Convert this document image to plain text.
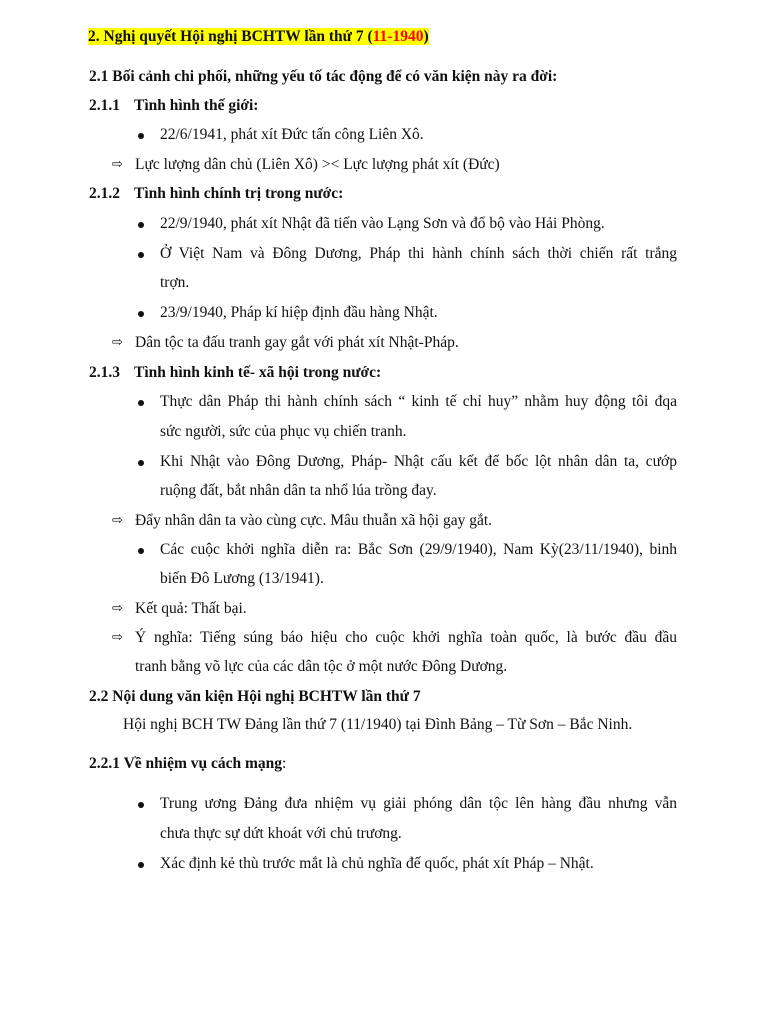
2. Nghị quyết Hội nghị BCHTW lần thứ 7 (11-1940)
2.1 Bối cảnh chi phối, những yếu tố tác động để có văn kiện này ra đời:
2.1.1 Tình hình thế giới:
22/6/1941, phát xít Đức tấn công Liên Xô.
⇨ Lực lượng dân chủ (Liên Xô) >< Lực lượng phát xít (Đức)
2.1.2 Tình hình chính trị trong nước:
22/9/1940, phát xít Nhật đã tiến vào Lạng Sơn và đổ bộ vào Hải Phòng.
Ở Việt Nam và Đông Dương, Pháp thi hành chính sách thời chiến rất trắng
trợn.
23/9/1940, Pháp kí hiệp định đầu hàng Nhật.
⇨ Dân tộc ta đấu tranh gay gắt với phát xít Nhật-Pháp.
2.1.3 Tình hình kinh tế- xã hội trong nước:
Thực dân Pháp thi hành chính sách “ kinh tế chỉ huy” nhằm huy động tôi đqa
sức người, sức của phục vụ chiến tranh.
Khi Nhật vào Đông Dương, Pháp- Nhật cấu kết để bốc lột nhân dân ta, cướp
ruộng đất, bắt nhân dân ta nhổ lúa trồng đay.
⇨ Đẩy nhân dân ta vào cùng cực. Mâu thuẫn xã hội gay gắt.
Các cuộc khởi nghĩa diễn ra: Bắc Sơn (29/9/1940), Nam Kỳ(23/11/1940), binh
biến Đô Lương (13/1941).
⇨ Kết quả: Thất bại.
⇨ Ý nghĩa: Tiếng súng báo hiệu cho cuộc khởi nghĩa toàn quốc, là bước đầu đầu
tranh bằng võ lực của các dân tộc ở một nước Đông Dương.
2.2 Nội dung văn kiện Hội nghị BCHTW lần thứ 7
Hội nghị BCH TW Đảng lần thứ 7 (11/1940) tại Đình Bảng – Từ Sơn – Bắc Ninh.
2.2.1 Về nhiệm vụ cách mạng:
Trung ương Đảng đưa nhiệm vụ giải phóng dân tộc lên hàng đầu nhưng vẫn
chưa thực sự dứt khoát với chủ trương.
Xác định kẻ thù trước mắt là chủ nghĩa đế quốc, phát xít Pháp – Nhật.
